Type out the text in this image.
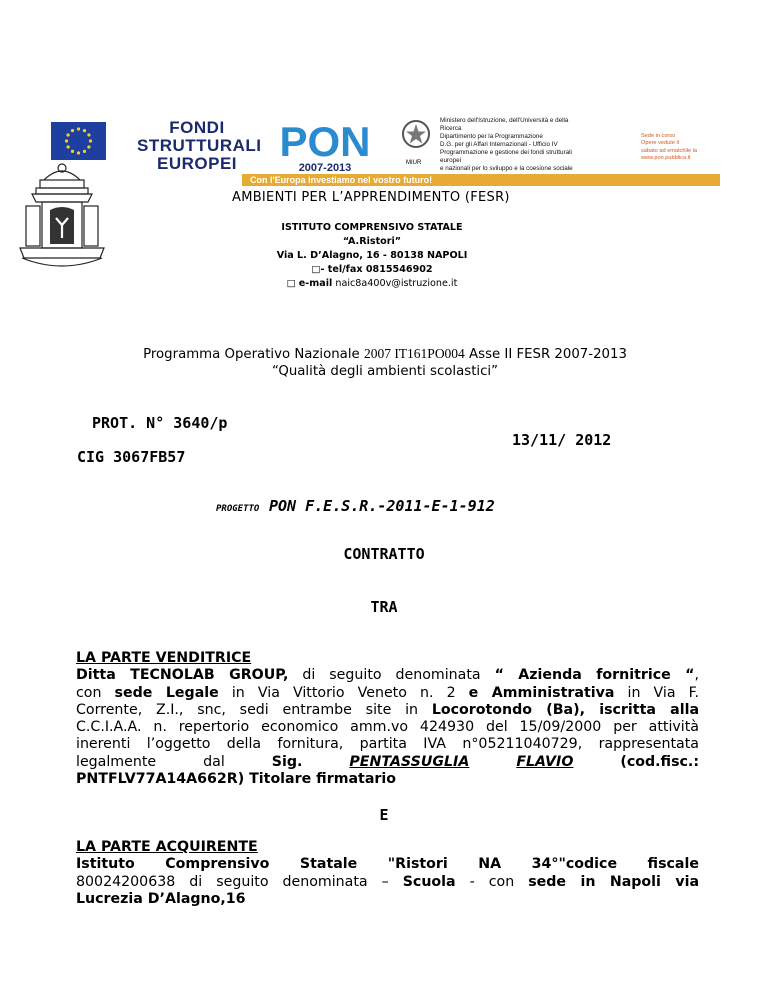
FONDI
STRUTTURALI
EUROPEI	PON
2007-2013	MIUR
Ministero dell'Istruzione, dell'Università e della Ricerca
Dipartimento per la Programmazione
D.G. per gli Affari Internazionali - Ufficio IV
Programmazione e gestione dei fondi strutturali europei
e nazionali per lo sviluppo e la coesione sociale
Sede in corso
Opere vedute il
sabato ad ematchile la
www.pon.pubblica.it
Con l'Europa investiamo nel vostro futuro!
AMBIENTI PER L’APPRENDIMENTO (FESR)
ISTITUTO COMPRENSIVO STATALE
“A.Ristori”
Via L. D’Alagno, 16 - 80138 NAPOLI
□- tel/fax 0815546902
□ e-mail naic8a400v@istruzione.it
Programma Operativo Nazionale 2007 IT161PO004 Asse II FESR 2007-2013
“Qualità degli ambienti scolastici”
PROT. N° 3640/p
13/11/ 2012
CIG 3067FB57
PROGETTO PON F.E.S.R.-2011-E-1-912
CONTRATTO
TRA
LA PARTE VENDITRICE
Ditta TECNOLAB GROUP, di seguito denominata “ Azienda fornitrice “,
con sede Legale in Via Vittorio Veneto n. 2 e Amministrativa in Via F.
Corrente, Z.I., snc, sedi entrambe site in Locorotondo (Ba), iscritta alla
C.C.I.A.A. n. repertorio economico amm.vo 424930 del 15/09/2000 per attività
inerenti l’oggetto della fornitura, partita IVA n°05211040729, rappresentata
legalmente	dal	Sig.	PENTASSUGLIA	FLAVIO	(cod.fisc.:
PNTFLV77A14A662R) Titolare firmatario
E
LA PARTE ACQUIRENTE
Istituto Comprensivo Statale "Ristori NA 34°"codice fiscale
80024200638 di seguito denominata – Scuola - con sede in Napoli via
Lucrezia D’Alagno,16
